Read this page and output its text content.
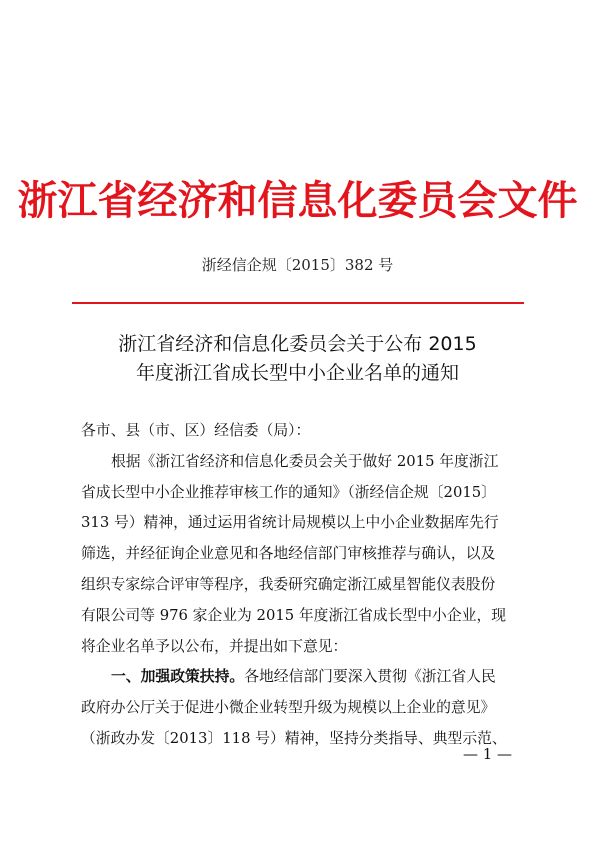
浙江省经济和信息化委员会文件
浙经信企规〔2015〕382 号
浙江省经济和信息化委员会关于公布 2015
年度浙江省成长型中小企业名单的通知
各市、县（市、区）经信委（局）：
根据《浙江省经济和信息化委员会关于做好 2015 年度浙江
省成长型中小企业推荐审核工作的通知》（浙经信企规〔2015〕
313 号）精神，通过运用省统计局规模以上中小企业数据库先行
筛选，并经征询企业意见和各地经信部门审核推荐与确认，以及
组织专家综合评审等程序，我委研究确定浙江威星智能仪表股份
有限公司等 976 家企业为 2015 年度浙江省成长型中小企业，现
将企业名单予以公布，并提出如下意见：
一、加强政策扶持。各地经信部门要深入贯彻《浙江省人民
政府办公厅关于促进小微企业转型升级为规模以上企业的意见》
（浙政办发〔2013〕118 号）精神，坚持分类指导、典型示范、
— 1 —
